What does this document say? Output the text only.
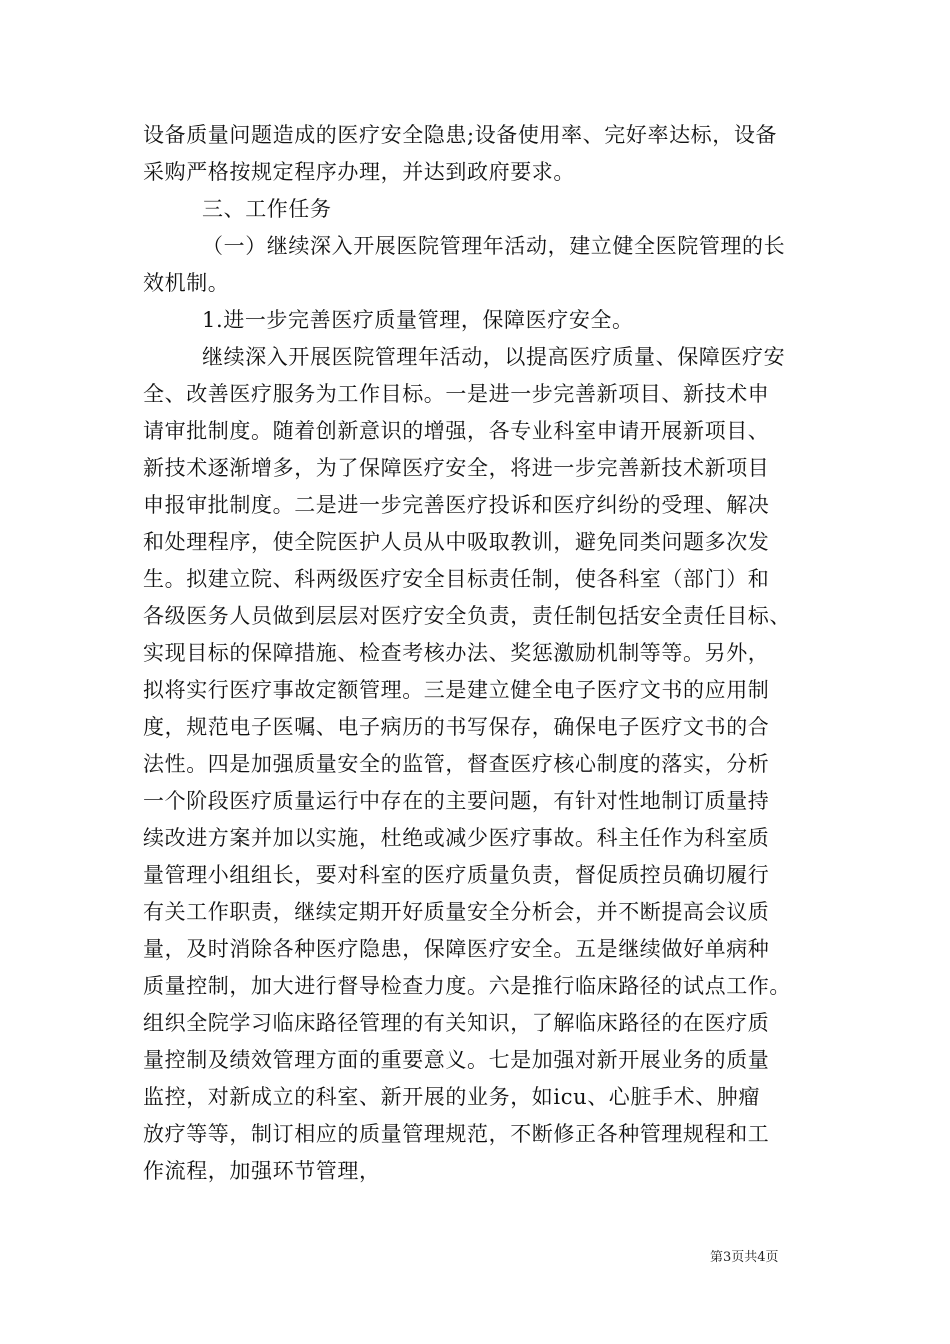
设备质量问题造成的医疗安全隐患;设备使用率、完好率达标，设备
采购严格按规定程序办理，并达到政府要求。
三、工作任务
（一）继续深入开展医院管理年活动，建立健全医院管理的长
效机制。
1.进一步完善医疗质量管理，保障医疗安全。
继续深入开展医院管理年活动，以提高医疗质量、保障医疗安
全、改善医疗服务为工作目标。一是进一步完善新项目、新技术申
请审批制度。随着创新意识的增强，各专业科室申请开展新项目、
新技术逐渐增多，为了保障医疗安全，将进一步完善新技术新项目
申报审批制度。二是进一步完善医疗投诉和医疗纠纷的受理、解决
和处理程序，使全院医护人员从中吸取教训，避免同类问题多次发
生。拟建立院、科两级医疗安全目标责任制，使各科室（部门）和
各级医务人员做到层层对医疗安全负责，责任制包括安全责任目标、
实现目标的保障措施、检查考核办法、奖惩激励机制等等。另外，
拟将实行医疗事故定额管理。三是建立健全电子医疗文书的应用制
度，规范电子医嘱、电子病历的书写保存，确保电子医疗文书的合
法性。四是加强质量安全的监管，督查医疗核心制度的落实，分析
一个阶段医疗质量运行中存在的主要问题，有针对性地制订质量持
续改进方案并加以实施，杜绝或减少医疗事故。科主任作为科室质
量管理小组组长，要对科室的医疗质量负责，督促质控员确切履行
有关工作职责，继续定期开好质量安全分析会，并不断提高会议质
量，及时消除各种医疗隐患，保障医疗安全。五是继续做好单病种
质量控制，加大进行督导检查力度。六是推行临床路径的试点工作。
组织全院学习临床路径管理的有关知识，了解临床路径的在医疗质
量控制及绩效管理方面的重要意义。七是加强对新开展业务的质量
监控，对新成立的科室、新开展的业务，如icu、心脏手术、肿瘤
放疗等等，制订相应的质量管理规范，不断修正各种管理规程和工
作流程，加强环节管理，
第3页共4页
